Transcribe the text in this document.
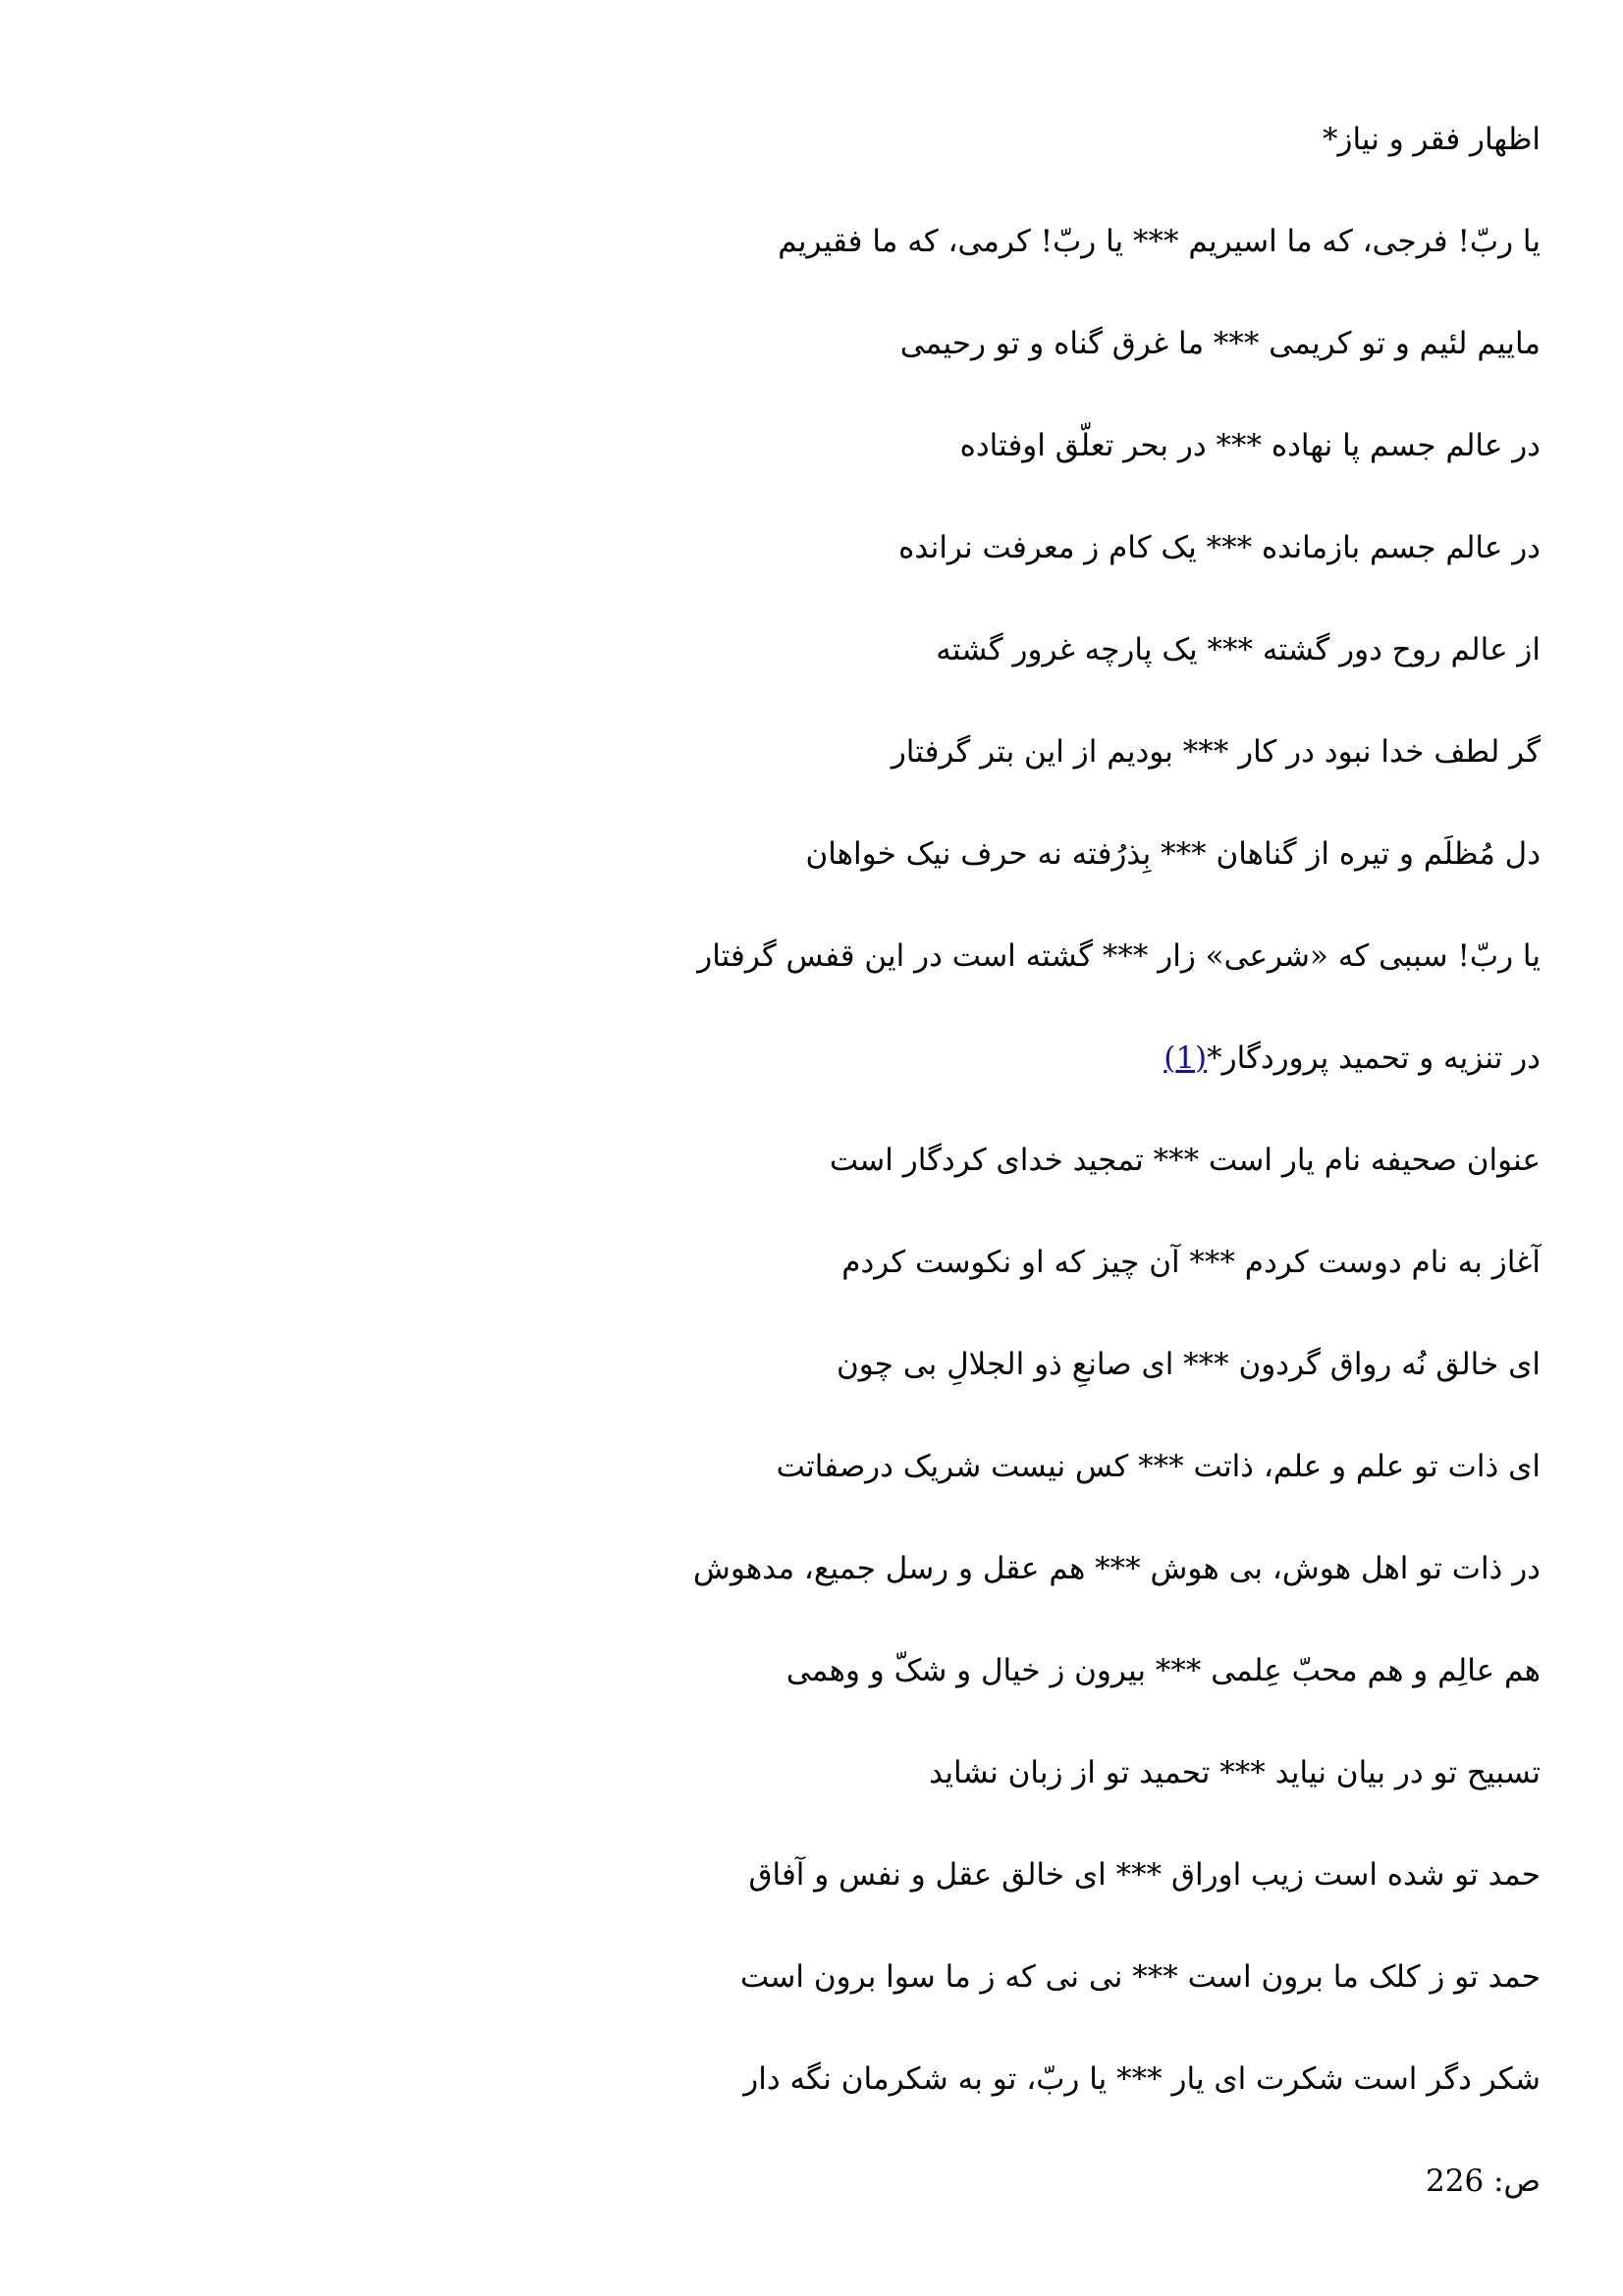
اظهار فقر و نیاز*

یا ربّ! فرجی، که ما اسیریم *** یا ربّ! کرمی، که ما فقیریم

ماییم لئیم و تو کریمی *** ما غرق گناه و تو رحیمی

در عالم جسم پا نهاده *** در بحر تعلّق اوفتاده

در عالم جسم بازمانده *** یک کام ز معرفت نرانده

از عالم روح دور گشته *** یک پارچه غرور گشته

گر لطف خدا نبود در کار *** بودیم از این بتر گرفتار

دل مُظلَم و تیره از گناهان *** بِذرُفته نه حرف نیک خواهان

یا ربّ! سببی که «شرعی» زار *** گشته است در این قفس گرفتار

در تنزیه و تحمید پروردگار*(1)

عنوان صحیفه نام یار است *** تمجید خدای کردگار است

آغاز به نام دوست کردم *** آن چیز که او نکوست کردم

ای خالق نُه رواق گردون *** ای صانعِ ذو الجلالِ بی چون

ای ذات تو علم و علم، ذاتت *** کس نیست شریک درصفاتت

در ذات تو اهل هوش، بی هوش *** هم عقل و رسل جمیع، مدهوش

هم عالِم و هم محبّ عِلمی *** بیرون ز خیال و شکّ و وهمی

تسبیح تو در بیان نیاید *** تحمید تو از زبان نشاید

حمد تو شده است زیب اوراق *** ای خالق عقل و نفس و آفاق

حمد تو ز کلک ما برون است *** نی نی که ز ما سوا برون است

شکر دگر است شکرت ای یار *** یا ربّ، تو به شکرمان نگه دار

ص: 226
